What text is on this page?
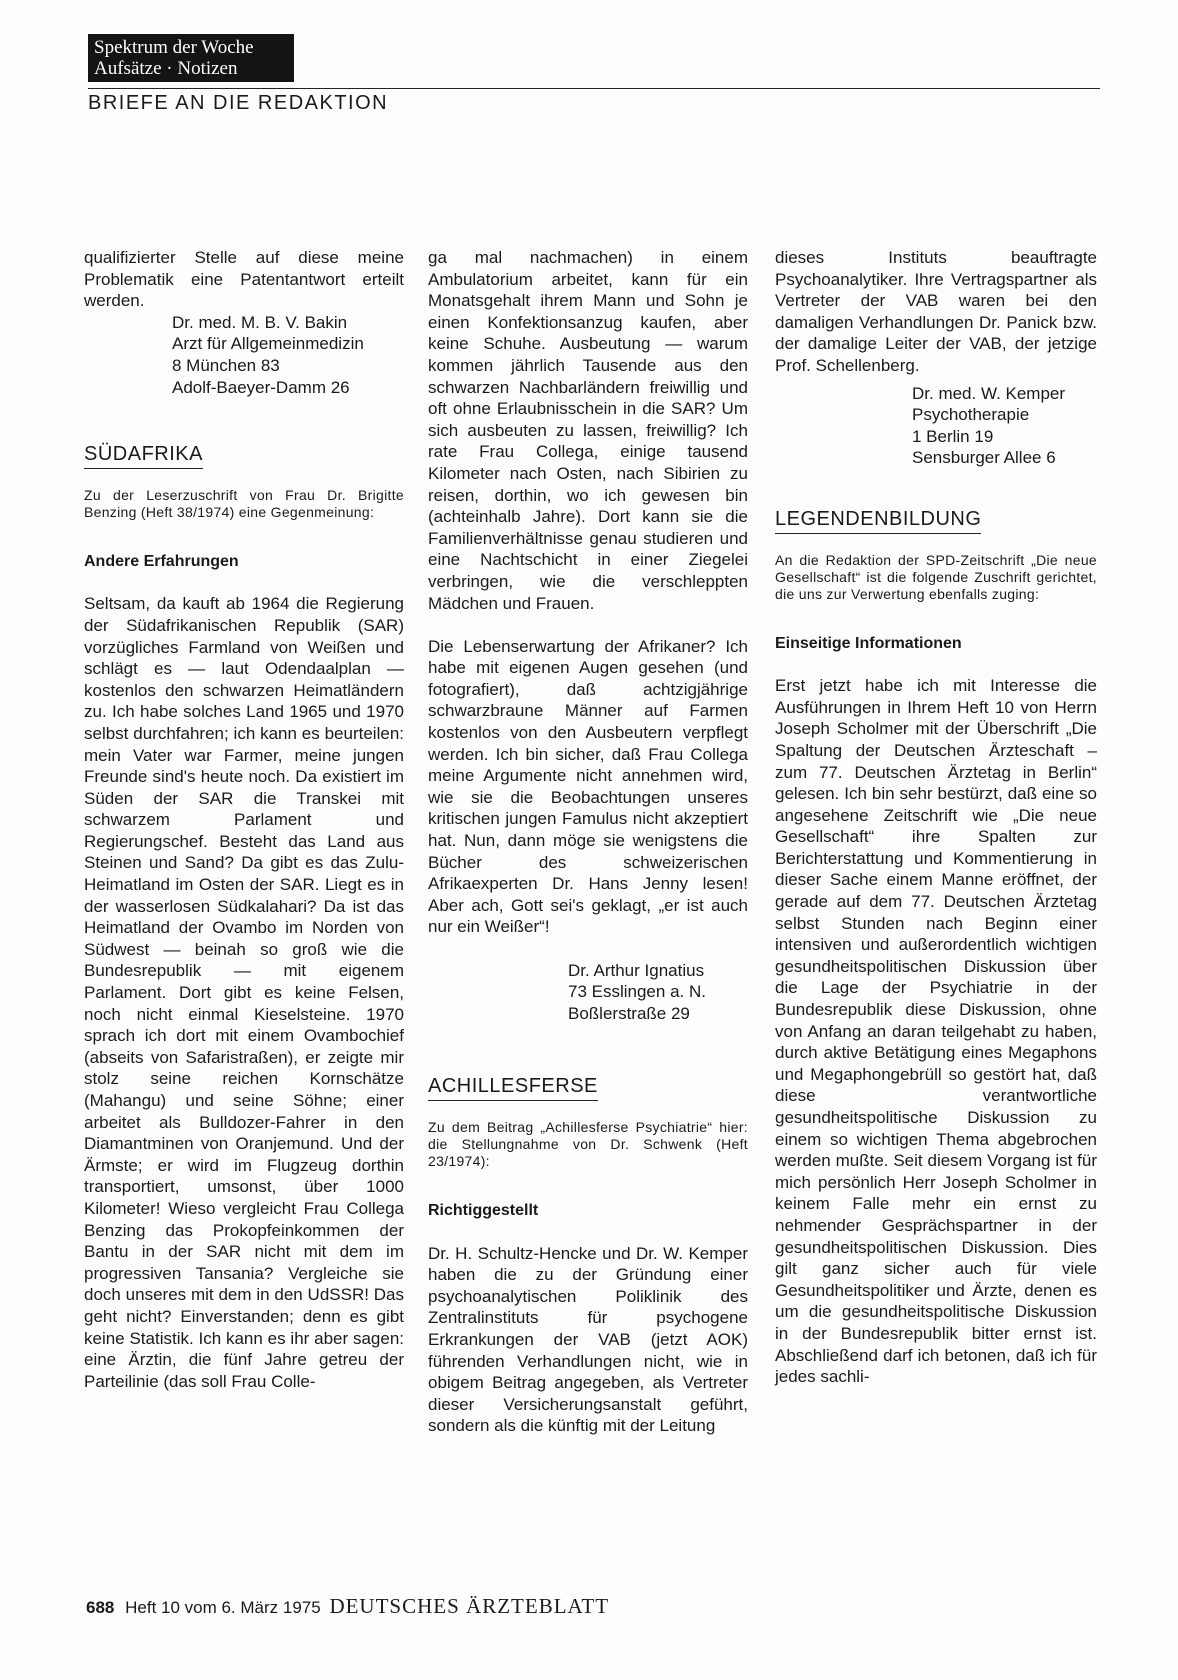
Spektrum der Woche
Aufsätze · Notizen
BRIEFE AN DIE REDAKTION

qualifizierter Stelle auf diese meine Problematik eine Patentantwort erteilt werden.

Dr. med. M. B. V. Bakin
Arzt für Allgemeinmedizin
8 München 83
Adolf-Baeyer-Damm 26
SÜDAFRIKA

Zu der Leserzuschrift von Frau Dr. Brigitte Benzing (Heft 38/1974) eine Gegenmeinung:

Andere Erfahrungen

Seltsam, da kauft ab 1964 die Regierung der Südafrikanischen Republik (SAR) vorzügliches Farmland von Weißen und schlägt es — laut Odendaalplan — kostenlos den schwarzen Heimatländern zu. Ich habe solches Land 1965 und 1970 selbst durchfahren; ich kann es beurteilen: mein Vater war Farmer, meine jungen Freunde sind's heute noch. Da existiert im Süden der SAR die Transkei mit schwarzem Parlament und Regierungschef. Besteht das Land aus Steinen und Sand? Da gibt es das Zulu-Heimatland im Osten der SAR. Liegt es in der wasserlosen Südkalahari? Da ist das Heimatland der Ovambo im Norden von Südwest — beinah so groß wie die Bundesrepublik — mit eigenem Parlament. Dort gibt es keine Felsen, noch nicht einmal Kieselsteine. 1970 sprach ich dort mit einem Ovambochief (abseits von Safaristraßen), er zeigte mir stolz seine reichen Kornschätze (Mahangu) und seine Söhne; einer arbeitet als Bulldozer-Fahrer in den Diamantminen von Oranjemund. Und der Ärmste; er wird im Flugzeug dorthin transportiert, umsonst, über 1000 Kilometer! Wieso vergleicht Frau Collega Benzing das Prokopfeinkommen der Bantu in der SAR nicht mit dem im progressiven Tansania? Vergleiche sie doch unseres mit dem in den UdSSR! Das geht nicht? Einverstanden; denn es gibt keine Statistik. Ich kann es ihr aber sagen: eine Ärztin, die fünf Jahre getreu der Parteilinie (das soll Frau Colle-

ga mal nachmachen) in einem Ambulatorium arbeitet, kann für ein Monatsgehalt ihrem Mann und Sohn je einen Konfektionsanzug kaufen, aber keine Schuhe. Ausbeutung — warum kommen jährlich Tausende aus den schwarzen Nachbarländern freiwillig und oft ohne Erlaubnisschein in die SAR? Um sich ausbeuten zu lassen, freiwillig? Ich rate Frau Collega, einige tausend Kilometer nach Osten, nach Sibirien zu reisen, dorthin, wo ich gewesen bin (achteinhalb Jahre). Dort kann sie die Familienverhältnisse genau studieren und eine Nachtschicht in einer Ziegelei verbringen, wie die verschleppten Mädchen und Frauen.

Die Lebenserwartung der Afrikaner? Ich habe mit eigenen Augen gesehen (und fotografiert), daß achtzigjährige schwarzbraune Männer auf Farmen kostenlos von den Ausbeutern verpflegt werden. Ich bin sicher, daß Frau Collega meine Argumente nicht annehmen wird, wie sie die Beobachtungen unseres kritischen jungen Famulus nicht akzeptiert hat. Nun, dann möge sie wenigstens die Bücher des schweizerischen Afrikaexperten Dr. Hans Jenny lesen! Aber ach, Gott sei's geklagt, „er ist auch nur ein Weißer“!

Dr. Arthur Ignatius
73 Esslingen a. N.
Boßlerstraße 29
ACHILLESFERSE

Zu dem Beitrag „Achillesferse Psychiatrie“ hier: die Stellungnahme von Dr. Schwenk (Heft 23/1974):

Richtiggestellt

Dr. H. Schultz-Hencke und Dr. W. Kemper haben die zu der Gründung einer psychoanalytischen Poliklinik des Zentralinstituts für psychogene Erkrankungen der VAB (jetzt AOK) führenden Verhandlungen nicht, wie in obigem Beitrag angegeben, als Vertreter dieser Versicherungsanstalt geführt, sondern als die künftig mit der Leitung

dieses Instituts beauftragte Psychoanalytiker. Ihre Vertragspartner als Vertreter der VAB waren bei den damaligen Verhandlungen Dr. Panick bzw. der damalige Leiter der VAB, der jetzige Prof. Schellenberg.

Dr. med. W. Kemper
Psychotherapie
1 Berlin 19
Sensburger Allee 6
LEGENDENBILDUNG

An die Redaktion der SPD-Zeitschrift „Die neue Gesellschaft“ ist die folgende Zuschrift gerichtet, die uns zur Verwertung ebenfalls zuging:

Einseitige Informationen

Erst jetzt habe ich mit Interesse die Ausführungen in Ihrem Heft 10 von Herrn Joseph Scholmer mit der Überschrift „Die Spaltung der Deutschen Ärzteschaft – zum 77. Deutschen Ärztetag in Berlin“ gelesen. Ich bin sehr bestürzt, daß eine so angesehene Zeitschrift wie „Die neue Gesellschaft“ ihre Spalten zur Berichterstattung und Kommentierung in dieser Sache einem Manne eröffnet, der gerade auf dem 77. Deutschen Ärztetag selbst Stunden nach Beginn einer intensiven und außerordentlich wichtigen gesundheitspolitischen Diskussion über die Lage der Psychiatrie in der Bundesrepublik diese Diskussion, ohne von Anfang an daran teilgehabt zu haben, durch aktive Betätigung eines Megaphons und Megaphongebrüll so gestört hat, daß diese verantwortliche gesundheitspolitische Diskussion zu einem so wichtigen Thema abgebrochen werden mußte. Seit diesem Vorgang ist für mich persönlich Herr Joseph Scholmer in keinem Falle mehr ein ernst zu nehmender Gesprächspartner in der gesundheitspolitischen Diskussion. Dies gilt ganz sicher auch für viele Gesundheitspolitiker und Ärzte, denen es um die gesundheitspolitische Diskussion in der Bundesrepublik bitter ernst ist. Abschließend darf ich betonen, daß ich für jedes sachli-

688 Heft 10 vom 6. März 1975 DEUTSCHES ÄRZTEBLATT
